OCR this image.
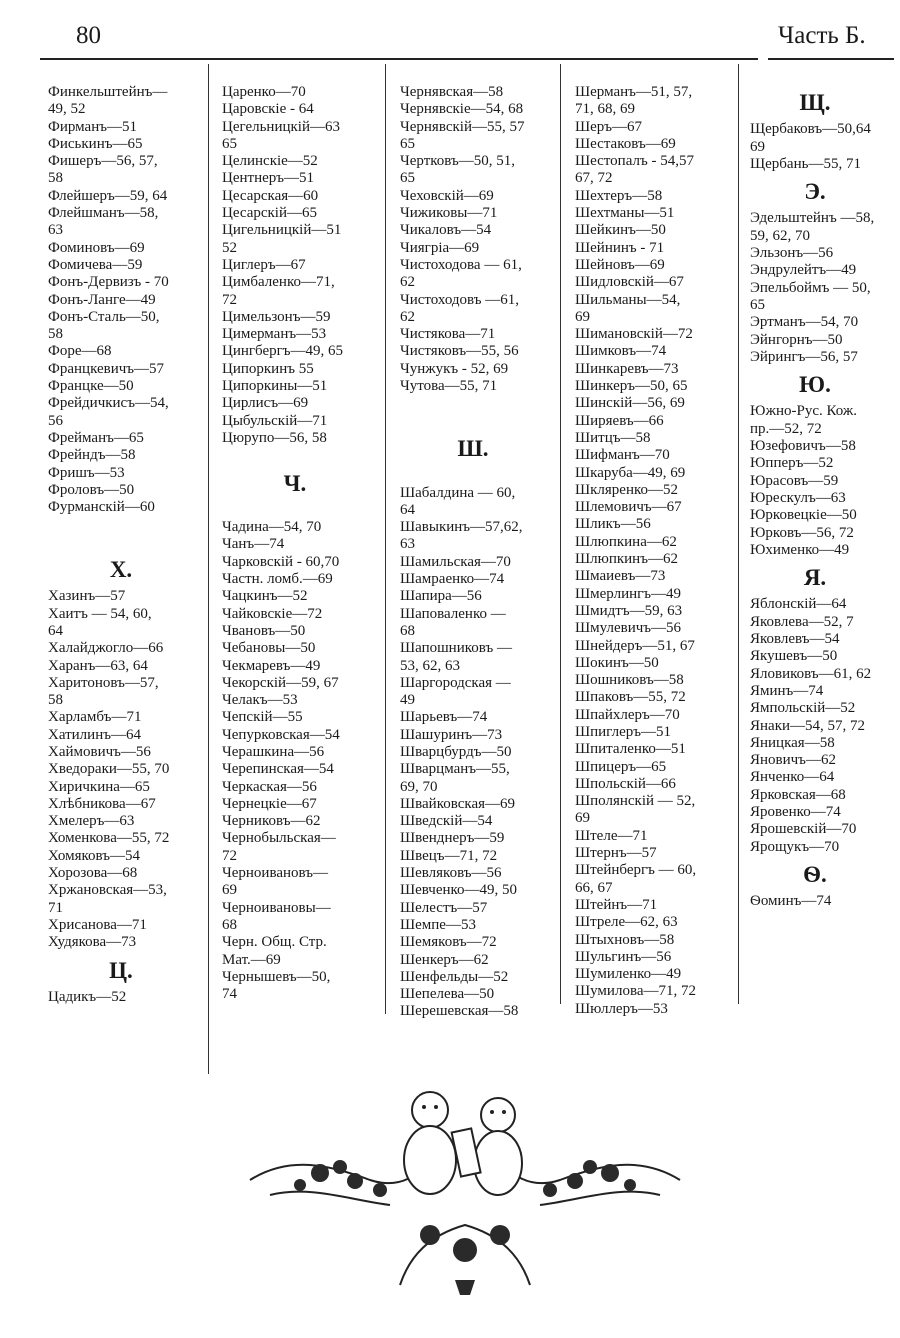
80	Часть Б.
Финкельштейнъ—
49, 52
Фирманъ—51
Фиськинъ—65
Фишеръ—56, 57,
58
Флейшеръ—59, 64
Флейшманъ—58,
63
Фоминовъ—69
Фомичева—59
Фонъ-Дервизъ - 70
Фонъ-Ланге—49
Фонъ-Сталь—50,
58
Форе—68
Францкевичъ—57
Францке—50
Фрейдичкисъ—54,
56
Фрейманъ—65
Фрейндъ—58
Фришъ—53
Фроловъ—50
Фурманскій—60
Х.
Хазинъ—57
Хаитъ — 54, 60,
64
Халайджогло—66
Харанъ—63, 64
Харитоновъ—57,
58
Харламбъ—71
Хатилинъ—64
Хаймовичъ—56
Хведораки—55, 70
Хиричкина—65
Хлѣбникова—67
Хмелеръ—63
Хоменкова—55, 72
Хомяковъ—54
Хорозова—68
Хржановская—53,
71
Хрисанова—71
Худякова—73
Ц.
Цадикъ—52
Царенко—70
Царовскіе - 64
Цегельницкій—63
65
Целинскіе—52
Центнеръ—51
Цесарская—60
Цесарскій—65
Цигельницкій—51
52
Циглеръ—67
Цимбаленко—71,
72
Цимельзонъ—59
Цимерманъ—53
Цингбергъ—49, 65
Ципоркинъ 55
Ципоркины—51
Цирлисъ—69
Цыбульскій—71
Цюрупо—56, 58
Ч.
Чадина—54, 70
Чанъ—74
Чарковскій - 60,70
Частн. ломб.—69
Чацкинъ—52
Чайковскіе—72
Чвановъ—50
Чебановы—50
Чекмаревъ—49
Чекорскій—59, 67
Челакъ—53
Чепскій—55
Чепурковская—54
Черашкина—56
Черепинская—54
Черкаская—56
Чернецкіе—67
Черниковъ—62
Чернобыльская—
72
Черноивановъ—
69
Черноивановы—
68
Черн. Общ. Стр.
Мат.—69
Чернышевъ—50,
74
Чернявская—58
Чернявскіе—54, 68
Чернявскій—55, 57
65
Чертковъ—50, 51,
65
Чеховскій—69
Чижиковы—71
Чикаловъ—54
Чиягріа—69
Чистоходова — 61,
62
Чистоходовъ —61,
62
Чистякова—71
Чистяковъ—55, 56
Чунжукъ - 52, 69
Чутова—55, 71
Ш.
Шабалдина — 60,
64
Шавыкинъ—57,62,
63
Шамильская—70
Шамраенко—74
Шапира—56
Шаповаленко —
68
Шапошниковъ —
53, 62, 63
Шаргородская —
49
Шарьевъ—74
Шашуринъ—73
Шварцбурдъ—50
Шварцманъ—55,
69, 70
Швайковская—69
Шведскій—54
Швенднеръ—59
Швецъ—71, 72
Шевляковъ—56
Шевченко—49, 50
Шелестъ—57
Шемпе—53
Шемяковъ—72
Шенкеръ—62
Шенфельды—52
Шепелева—50
Шерешевская—58
Шерманъ—51, 57,
71, 68, 69
Шеръ—67
Шестаковъ—69
Шестопалъ - 54,57
67, 72
Шехтеръ—58
Шехтманы—51
Шейкинъ—50
Шейнинъ - 71
Шейновъ—69
Шидловскій—67
Шильманы—54,
69
Шимановскій—72
Шимковъ—74
Шинкаревъ—73
Шинкеръ—50, 65
Шинскій—56, 69
Ширяевъ—66
Шитцъ—58
Шифманъ—70
Шкаруба—49, 69
Шкляренко—52
Шлемовичъ—67
Шликъ—56
Шлюпкина—62
Шлюпкинъ—62
Шмаиевъ—73
Шмерлингъ—49
Шмидтъ—59, 63
Шмулевичъ—56
Шнейдеръ—51, 67
Шокинъ—50
Шошниковъ—58
Шпаковъ—55, 72
Шпайхлеръ—70
Шпиглеръ—51
Шпиталенко—51
Шпицеръ—65
Шпольскій—66
Шполянскій — 52,
69
Штеле—71
Штернъ—57
Штейнбергъ — 60,
66, 67
Штейнъ—71
Штреле—62, 63
Штыхновъ—58
Шульгинъ—56
Шумиленко—49
Шумилова—71, 72
Шюллеръ—53
Щ.
Щербаковъ—50,64
69
Щербань—55, 71
Э.
Эдельштейнъ —58,
59, 62, 70
Эльзонъ—56
Эндрулейтъ—49
Эпельбоймъ — 50,
65
Эртманъ—54, 70
Эйнгорнъ—50
Эйрингъ—56, 57
Ю.
Южно-Рус. Кож.
пр.—52, 72
Юзефовичъ—58
Юпперъ—52
Юрасовъ—59
Юрескулъ—63
Юрковецкіе—50
Юрковъ—56, 72
Юхименко—49
Я.
Яблонскій—64
Яковлева—52, 7
Яковлевъ—54
Якушевъ—50
Яловиковъ—61, 62
Яминъ—74
Ямпольскій—52
Янаки—54, 57, 72
Яницкая—58
Яновичъ—62
Янченко—64
Ярковская—68
Яровенко—74
Ярошевскій—70
Ярощукъ—70
Ѳ.
Ѳоминъ—74
